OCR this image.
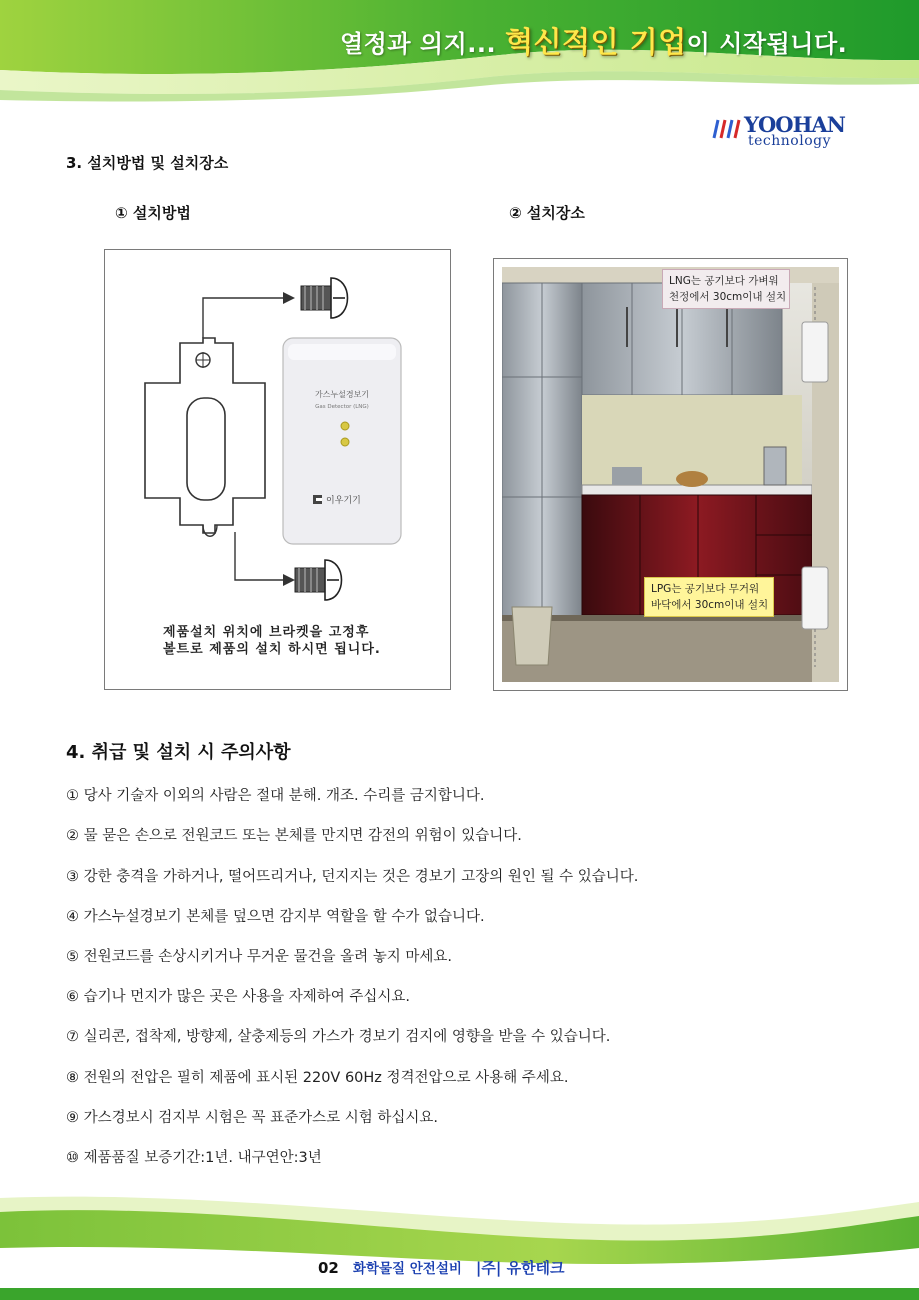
열정과 의지... 혁신적인 기업이 시작됩니다.
YOOHAN
technology
3. 설치방법 및 설치장소
① 설치방법	② 설치장소
가스누설경보기
Gas Detector (LNG)
이우기기
제품설치 위치에 브라켓을 고정후
볼트로 제품의 설치 하시면 됩니다.
LNG는 공기보다 가벼워
천정에서 30cm이내 설치
LPG는 공기보다 무거워
바닥에서 30cm이내 설치
4. 취급 및 설치 시 주의사항
① 당사 기술자 이외의 사람은 절대 분해. 개조. 수리를 금지합니다.
② 물 묻은 손으로 전원코드 또는 본체를 만지면 감전의 위험이 있습니다.
③ 강한 충격을 가하거나, 떨어뜨리거나, 던지지는 것은 경보기 고장의 원인 될 수 있습니다.
④ 가스누설경보기 본체를 덮으면 감지부 역할을 할 수가 없습니다.
⑤ 전원코드를 손상시키거나 무거운 물건을 올려 놓지 마세요.
⑥ 습기나 먼지가 많은 곳은 사용을 자제하여 주십시요.
⑦ 실리콘, 접착제, 방향제, 살충제등의 가스가 경보기 검지에 영향을 받을 수 있습니다.
⑧ 전원의 전압은 필히 제품에 표시된 220V 60Hz 정격전압으로 사용해 주세요.
⑨ 가스경보시 검지부 시험은 꼭 표준가스로 시험 하십시요.
⑩ 제품품질 보증기간:1년. 내구연안:3년
02 화학물질 안전설비 |주| 유한테크
